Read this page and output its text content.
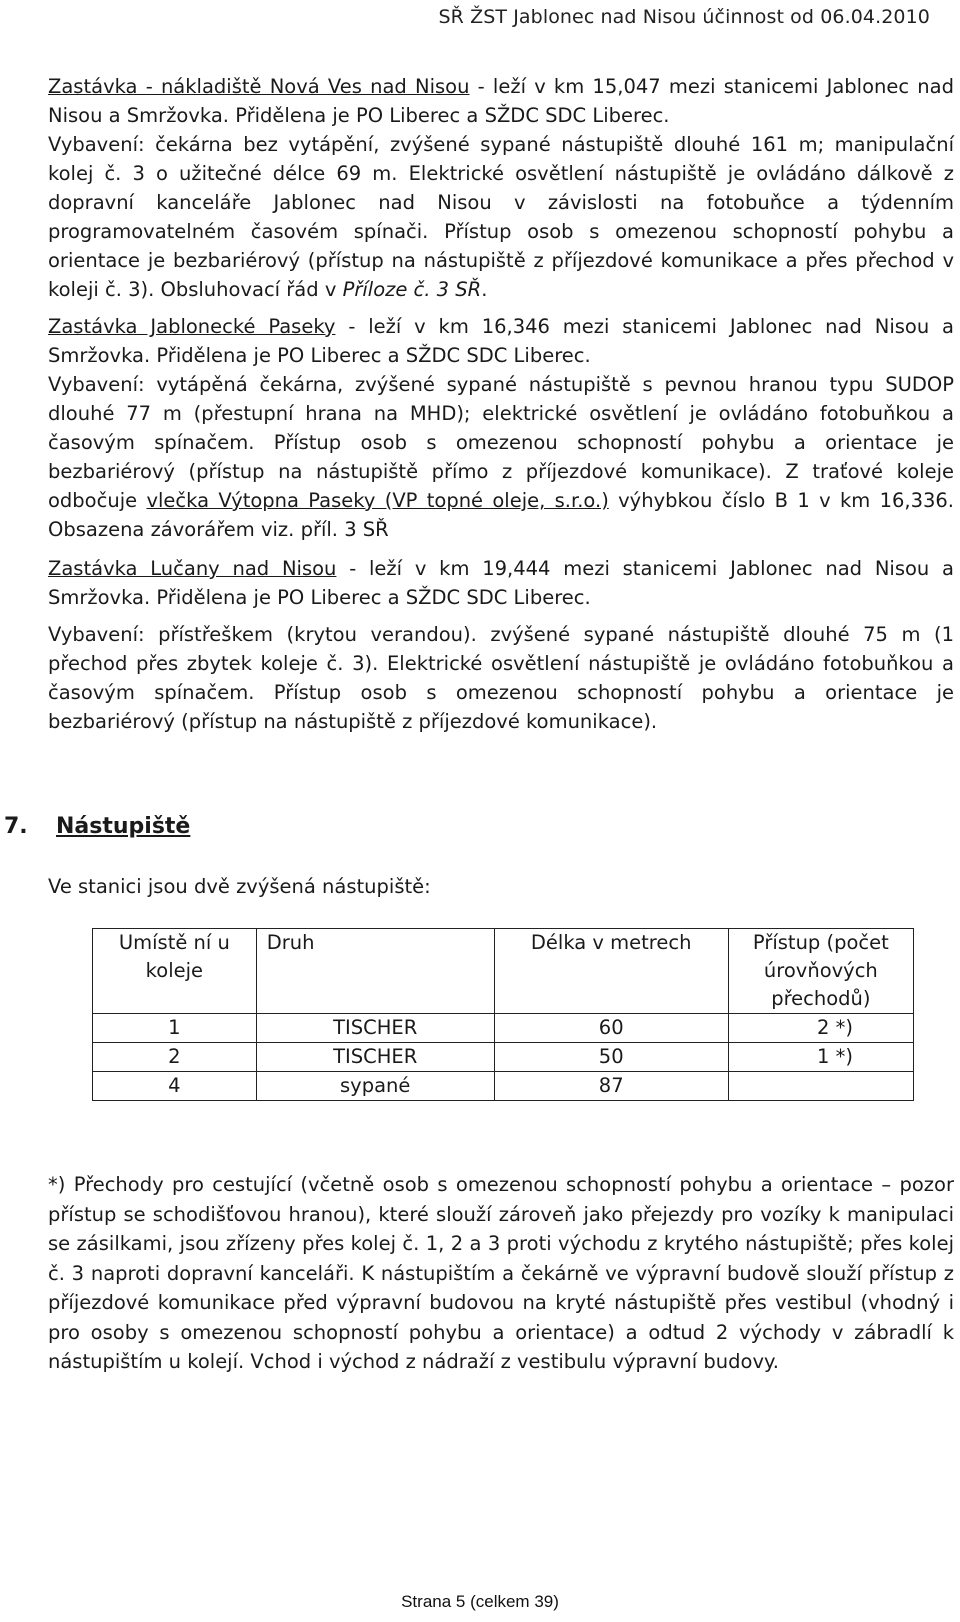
SŘ ŽST Jablonec nad Nisou účinnost od 06.04.2010

Zastávka - nákladiště Nová Ves nad Nisou - leží v km 15,047 mezi stanicemi Jablonec nad Nisou a Smržovka. Přidělena je PO Liberec a SŽDC SDC Liberec.

Vybavení: čekárna bez vytápění, zvýšené sypané nástupiště dlouhé 161 m; manipulační kolej č. 3 o užitečné délce 69 m. Elektrické osvětlení nástupiště je ovládáno dálkově z dopravní kanceláře Jablonec nad Nisou v závislosti na fotobuňce a týdenním programovatelném časovém spínači. Přístup osob s omezenou schopností pohybu a orientace je bezbariérový (přístup na nástupiště z příjezdové komunikace a přes přechod v koleji č. 3). Obsluhovací řád v Příloze č. 3 SŘ.

Zastávka Jablonecké Paseky - leží v km 16,346 mezi stanicemi Jablonec nad Nisou a Smržovka. Přidělena je PO Liberec a SŽDC SDC Liberec.

Vybavení: vytápěná čekárna, zvýšené sypané nástupiště s pevnou hranou typu SUDOP dlouhé 77 m (přestupní hrana na MHD); elektrické osvětlení je ovládáno fotobuňkou a časovým spínačem. Přístup osob s omezenou schopností pohybu a orientace je bezbariérový (přístup na nástupiště přímo z příjezdové komunikace). Z traťové koleje odbočuje vlečka Výtopna Paseky (VP topné oleje, s.r.o.) výhybkou číslo B 1 v km 16,336. Obsazena závorářem viz. příl. 3 SŘ

Zastávka Lučany nad Nisou - leží v km 19,444 mezi stanicemi Jablonec nad Nisou a Smržovka. Přidělena je PO Liberec a SŽDC SDC Liberec.

Vybavení: přístřeškem (krytou verandou). zvýšené sypané nástupiště dlouhé 75 m (1 přechod přes zbytek koleje č. 3). Elektrické osvětlení nástupiště je ovládáno fotobuňkou a časovým spínačem. Přístup osob s omezenou schopností pohybu a orientace je bezbariérový (přístup na nástupiště z příjezdové komunikace).

7. Nástupiště
Ve stanici jsou dvě zvýšená nástupiště:
Umístě ní u koleje	Druh	Délka v metrech	Přístup (počet úrovňových přechodů)
1	TISCHER	60	2 *)
2	TISCHER	50	1 *)
4	sypané	87	
*) Přechody pro cestující (včetně osob s omezenou schopností pohybu a orientace – pozor přístup se schodišťovou hranou), které slouží zároveň jako přejezdy pro vozíky k manipulaci se zásilkami, jsou zřízeny přes kolej č. 1, 2 a 3 proti východu z krytého nástupiště; přes kolej č. 3 naproti dopravní kanceláři. K nástupištím a čekárně ve výpravní budově slouží přístup z příjezdové komunikace před výpravní budovou na kryté nástupiště přes vestibul (vhodný i pro osoby s omezenou schopností pohybu a orientace) a odtud 2 východy v zábradlí k nástupištím u kolejí. Vchod i východ z nádraží z vestibulu výpravní budovy.
Strana 5 (celkem 39)
